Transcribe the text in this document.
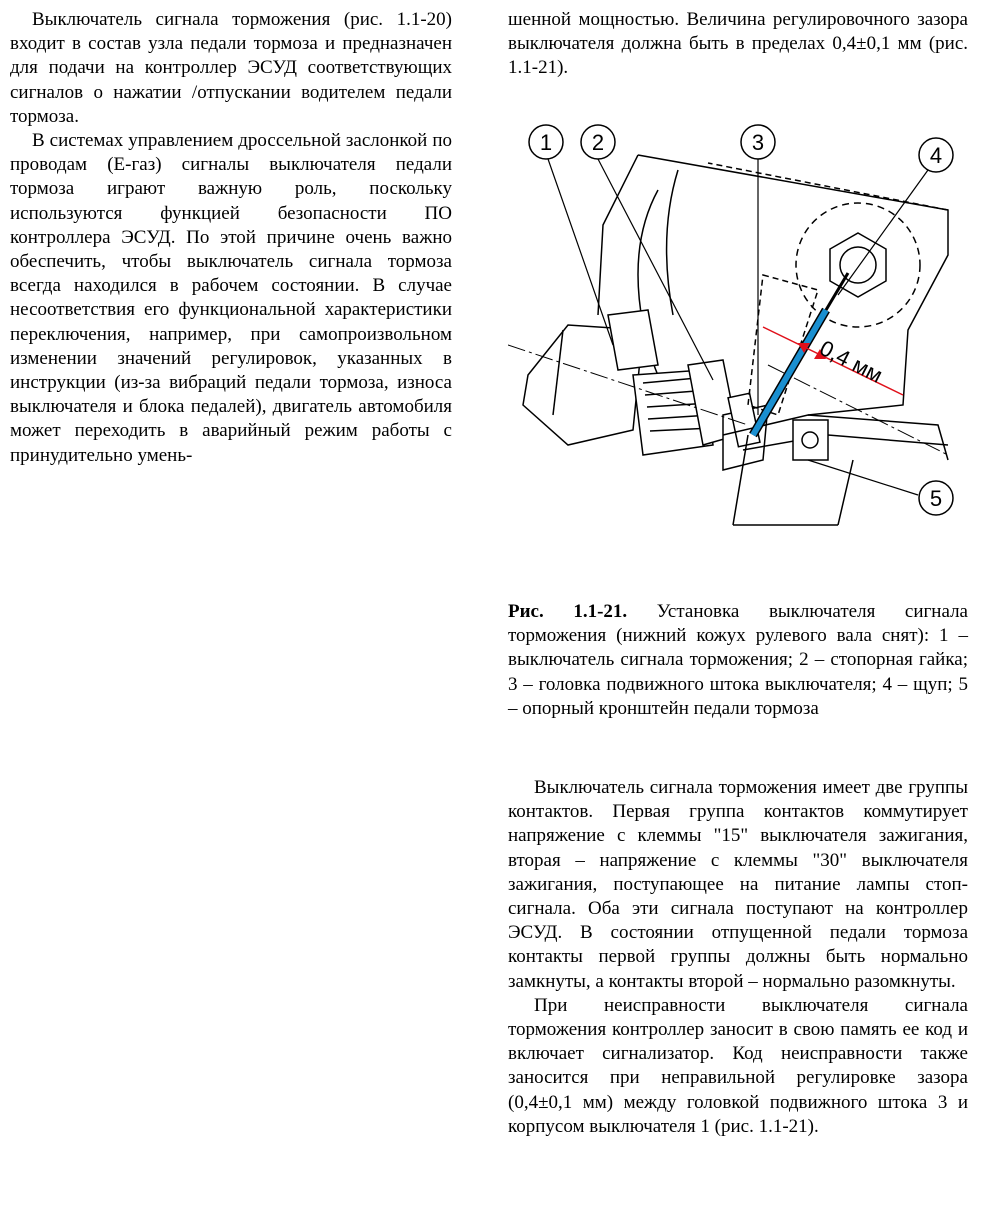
Выключатель сигнала торможения (рис. 1.1-20) входит в состав узла педали тормоза и предназначен для подачи на контроллер ЭСУД соответствующих сигналов о нажатии /отпускании водителем педали тормоза.

В системах управлением дроссельной заслонкой по проводам (E-газ) сигналы выключателя педали тормоза играют важную роль, поскольку используются функцией безопасности ПО контроллера ЭСУД. По этой причине очень важно обеспечить, чтобы выключатель сигнала тормоза всегда находился в рабочем состоянии. В случае несоответствия его функциональной характеристики переключения, например, при самопроизвольном изменении значений регулировок, указанных в инструкции (из-за вибраций педали тормоза, износа выключателя и блока педалей), двигатель автомобиля может переходить в аварийный режим работы с принудительно умень-

шенной мощностью. Величина регулировочного зазора выключателя должна быть в пределах 0,4±0,1 мм (рис. 1.1-21).

0,4 мм
1 2	3
4
5
Рис. 1.1-21. Установка выключателя сигнала торможения (нижний кожух рулевого вала снят): 1 – выключатель сигнала торможения; 2 – стопорная гайка; 3 – головка подвижного штока выключателя; 4 – щуп; 5 – опорный кронштейн педали тормоза

Выключатель сигнала торможения имеет две группы контактов. Первая группа контактов коммутирует напряжение с клеммы "15" выключателя зажигания, вторая – напряжение с клеммы "30" выключателя зажигания, поступающее на питание лампы стоп-сигнала. Оба эти сигнала поступают на контроллер ЭСУД. В состоянии отпущенной педали тормоза контакты первой группы должны быть нормально замкнуты, а контакты второй – нормально разомкнуты.

При неисправности выключателя сигнала торможения контроллер заносит в свою память ее код и включает сигнализатор. Код неисправности также заносится при неправильной регулировке зазора (0,4±0,1 мм) между головкой подвижного штока 3 и корпусом выключателя 1 (рис. 1.1-21).
